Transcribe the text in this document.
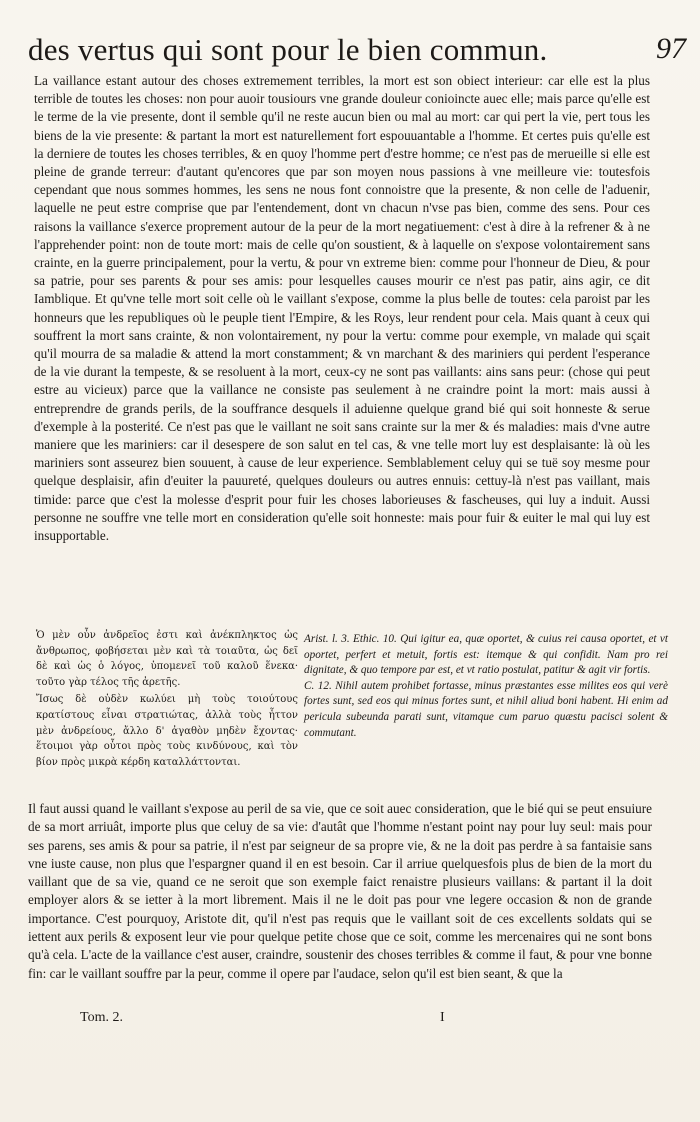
des vertus qui sont pour le bien commun.	97

La vaillance estant autour des choses extremement terribles, la mort est son obiect interieur: car elle est la plus terrible de toutes les choses: non pour auoir tousiours vne grande douleur conioincte auec elle; mais parce qu'elle est le terme de la vie presente, dont il semble qu'il ne reste aucun bien ou mal au mort: car qui pert la vie, pert tous les biens de la vie presente: & partant la mort est naturellement fort espouuantable a l'homme. Et certes puis qu'elle est la derniere de toutes les choses terribles, & en quoy l'homme pert d'estre homme; ce n'est pas de merueille si elle est pleine de grande terreur: d'autant qu'encores que par son moyen nous passions à vne meilleure vie: toutesfois cependant que nous sommes hommes, les sens ne nous font connoistre que la presente, & non celle de l'aduenir, laquelle ne peut estre comprise que par l'entendement, dont vn chacun n'vse pas bien, comme des sens. Pour ces raisons la vaillance s'exerce proprement autour de la peur de la mort negatiuement: c'est à dire à la refrener & à ne l'apprehender point: non de toute mort: mais de celle qu'on soustient, & à laquelle on s'expose volontairement sans crainte, en la guerre principalement, pour la vertu, & pour vn extreme bien: comme pour l'honneur de Dieu, & pour sa patrie, pour ses parents & pour ses amis: pour lesquelles causes mourir ce n'est pas patir, ains agir, ce dit Iamblique. Et qu'vne telle mort soit celle où le vaillant s'expose, comme la plus belle de toutes: cela paroist par les honneurs que les republiques où le peuple tient l'Empire, & les Roys, leur rendent pour cela. Mais quant à ceux qui souffrent la mort sans crainte, & non volontairement, ny pour la vertu: comme pour exemple, vn malade qui sçait qu'il mourra de sa maladie & attend la mort constamment; & vn marchant & des mariniers qui perdent l'esperance de la vie durant la tempeste, & se resoluent à la mort, ceux-cy ne sont pas vaillants: ains sans peur: (chose qui peut estre au vicieux) parce que la vaillance ne consiste pas seulement à ne craindre point la mort: mais aussi à entreprendre de grands perils, de la souffrance desquels il aduienne quelque grand bié qui soit honneste & serue d'exemple à la posterité. Ce n'est pas que le vaillant ne soit sans crainte sur la mer & és maladies: mais d'vne autre maniere que les mariniers: car il desespere de son salut en tel cas, & vne telle mort luy est desplaisante: là où les mariniers sont asseurez bien souuent, à cause de leur experience. Semblablement celuy qui se tuë soy mesme pour quelque desplaisir, afin d'euiter la pauureté, quelques douleurs ou autres ennuis: cettuy-là n'est pas vaillant, mais timide: parce que c'est la molesse d'esprit pour fuir les choses laborieuses & fascheuses, qui luy a induit. Aussi personne ne souffre vne telle mort en consideration qu'elle soit honneste: mais pour fuir & euiter le mal qui luy est insupportable.

Ὁ μὲν οὖν ἀνδρεῖος ἐστι καὶ ἀνέκπληκτος ὡς ἄνθρωπος, φοβήσεται μὲν καὶ τὰ τοιαῦτα, ὡς δεῖ δὲ καὶ ὡς ὁ λόγος, ὑπομενεῖ τοῦ καλοῦ ἕνεκα· τοῦτο γὰρ τέλος τῆς ἀρετῆς.

Ἴσως δὲ οὐδὲν κωλύει μὴ τοὺς τοιούτους κρατίστους εἶναι στρατιώτας, ἀλλὰ τοὺς ἧττον μὲν ἀνδρείους, ἄλλο δ' ἀγαθὸν μηδὲν ἔχοντας· ἕτοιμοι γὰρ οὗτοι πρὸς τοὺς κινδύνους, καὶ τὸν βίον πρὸς μικρὰ κέρδη καταλλάττονται.

Arist. l. 3. Ethic. 10. Qui igitur ea, quæ oportet, & cuius rei causa oportet, et vt oportet, perfert et metuit, fortis est: itemque & qui confidit. Nam pro rei dignitate, & quo tempore par est, et vt ratio postulat, patitur & agit vir fortis.

C. 12. Nihil autem prohibet fortasse, minus præstantes esse milites eos qui verè fortes sunt, sed eos qui minus fortes sunt, et nihil aliud boni habent. Hi enim ad pericula subeunda parati sunt, vitamque cum paruo quæstu pacisci solent & commutant.

Il faut aussi quand le vaillant s'expose au peril de sa vie, que ce soit auec consideration, que le bié qui se peut ensuiure de sa mort arriuât, importe plus que celuy de sa vie: d'autât que l'homme n'estant point nay pour luy seul: mais pour ses parens, ses amis & pour sa patrie, il n'est par seigneur de sa propre vie, & ne la doit pas perdre à sa fantaisie sans vne iuste cause, non plus que l'espargner quand il en est besoin. Car il arriue quelquesfois plus de bien de la mort du vaillant que de sa vie, quand ce ne seroit que son exemple faict renaistre plusieurs vaillans: & partant il la doit employer alors & se ietter à la mort librement. Mais il ne le doit pas pour vne legere occasion & non de grande importance. C'est pourquoy, Aristote dit, qu'il n'est pas requis que le vaillant soit de ces excellents soldats qui se iettent aux perils & exposent leur vie pour quelque petite chose que ce soit, comme les mercenaires qui ne sont bons qu'à cela. L'acte de la vaillance c'est auser, craindre, soustenir des choses terribles & comme il faut, & pour vne bonne fin: car le vaillant souffre par la peur, comme il opere par l'audace, selon qu'il est bien seant, & que la

Tom. 2.	I
